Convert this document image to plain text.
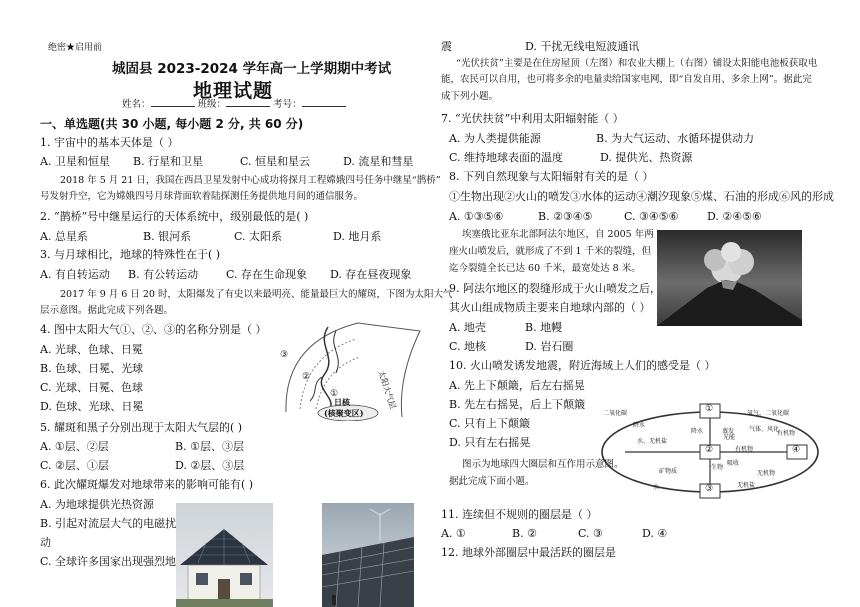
绝密★启用前
城固县 2023-2024 学年高一上学期期中考试
地理试题
姓名：	班级：	考号：
一、单选题(共 30 小题, 每小题 2 分, 共 60 分)
1. 宇宙中的基本天体是（ ）
A. 卫星和恒星 B. 行星和卫星	C. 恒星和星云	D. 流星和彗星
2018 年 5 月 21 日，我国在西昌卫星发射中心成功将探月工程嫦娥四号任务中继星“鹊桥”
号发射升空，它为嫦娥四号月球背面软着陆探测任务提供地月间的通信服务。
2. “鹊桥”号中继星运行的天体系统中，级别最低的是( )
A. 总星系	B. 银河系	C. 太阳系	D. 地月系
3. 与月球相比，地球的特殊性在于( )
A. 有自转运动 B. 有公转运动	C. 存在生命现象 D. 存在昼夜现象
2017 年 9 月 6 日 20 时，太阳爆发了有史以来最明亮、能量最巨大的耀斑，下图为太阳大气
层示意图。据此完成下列各题。
4. 图中太阳大气①、②、③的名称分别是（ ）
A. 光球、色球、日冕
B. 色球、日冕、光球
C. 光球、日冕、色球
D. 色球、光球、日冕
③
②
①	太阳大气层
日核
(核聚变区)
5. 耀斑和黑子分别出现于太阳大气层的( )
A. ①层、②层	B. ①层、③层
C. ②层、①层	D. ②层、③层
6. 此次耀斑爆发对地球带来的影响可能有( )
A. 为地球提供光热资源
B. 引起对流层大气的电磁扰
动
C. 全球许多国家出现强烈地
震	D. 干扰无线电短波通讯
“光伏扶贫”主要是在住房屋顶（左图）和农业大棚上（右图）铺设太阳能电池板获取电
能，农民可以自用，也可将多余的电量卖给国家电网，即“自发自用、多余上网”。据此完
成下列小题。
7. “光伏扶贫”中利用太阳辐射能（ ）
A. 为人类提供能源	B. 为大气运动、水循环提供动力
C. 维持地球表面的温度	D. 提供光、热资源
8. 下列自然现象与太阳辐射有关的是（ ）
①生物出现②火山的喷发③水体的运动④潮汐现象⑤煤、石油的形成⑥风的形成
A. ①③⑤⑥	B. ②③④⑤	C. ③④⑤⑥	D. ②④⑤⑥
埃塞俄比亚东北部阿法尔地区，自 2005 年两
座火山喷发后，就形成了不到 1 千米的裂缝，但
迄今裂缝全长已达 60 千米，最宽处达 8 米。
9. 阿法尔地区的裂缝形成于火山喷发之后，
其火山组成物质主要来自地球内部的（ ）
A. 地壳	B. 地幔
C. 地核	D. 岩石圈
10. 火山喷发诱发地震，附近海域上人们的感受是（ ）
A. 先上下颠簸，后左右摇晃
B. 先左右摇晃，后上下颠簸
C. 只有上下颠簸
D. 只有左右摇晃
①
②
③
④
水、无机盐
降水	蒸发
矿物质
有机物
无机物
生物
氧气、二氧化碳
气体、风化
二氧化碳
降水
水
吸收
光能
有机物
无机盐
图示为地球四大圈层和互作用示意图。
据此完成下面小题。
11. 连续但不规则的圈层是（ ）
A. ①	B. ②	C. ③	D. ④
12. 地球外部圈层中最活跃的圈层是
